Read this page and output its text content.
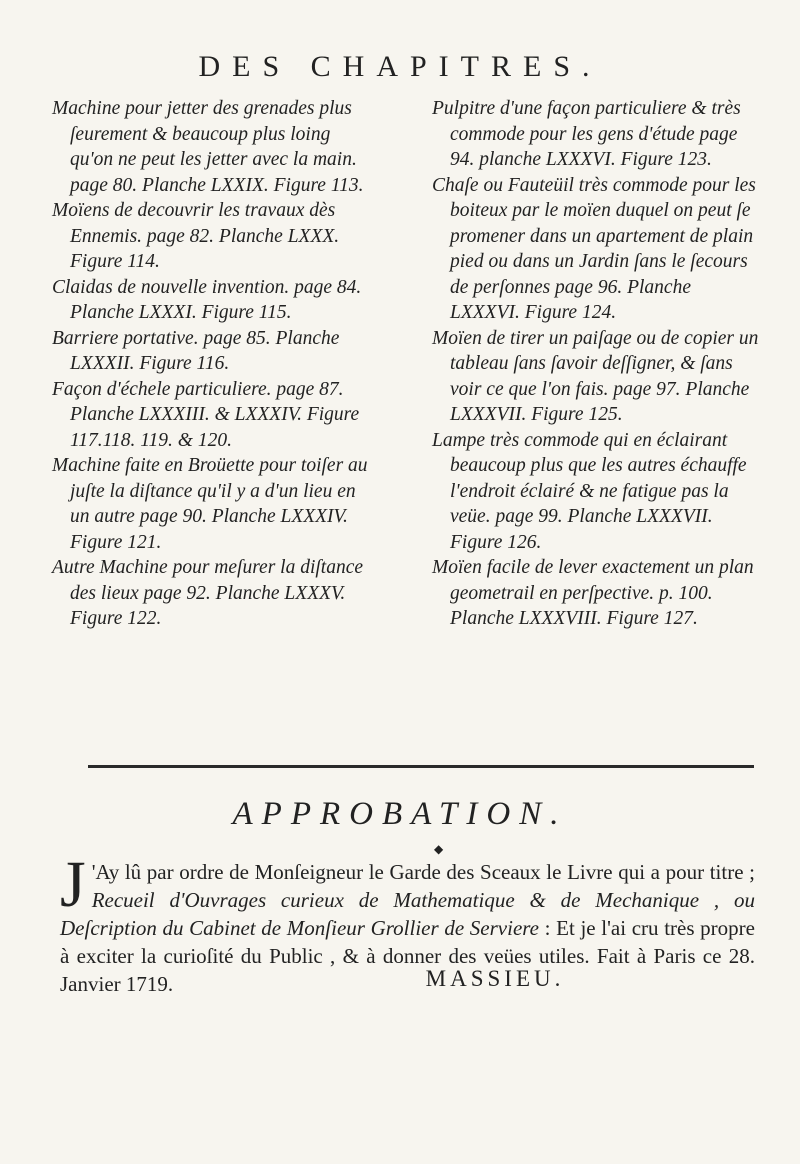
DES CHAPITRES.

Machine pour jetter des grenades plus ſeurement & beaucoup plus loing qu'on ne peut les jetter avec la main. page 80. Planche LXXIX. Figure 113.

Moïens de decouvrir les travaux dès Ennemis. page 82. Planche LXXX. Figure 114.

Claidas de nouvelle invention. page 84. Planche LXXXI. Figure 115.

Barriere portative. page 85. Planche LXXXII. Figure 116.

Façon d'échele particuliere. page 87. Planche LXXXIII. & LXXXIV. Figure 117.118. 119. & 120.

Machine faite en Broüette pour toiſer au juſte la diſtance qu'il y a d'un lieu en un autre page 90. Planche LXXXIV. Figure 121.

Autre Machine pour meſurer la diſtance des lieux page 92. Planche LXXXV. Figure 122.

Pulpitre d'une façon particuliere & très commode pour les gens d'étude page 94. planche LXXXVI. Figure 123.

Chaſe ou Fauteüil très commode pour les boiteux par le moïen duquel on peut ſe promener dans un apartement de plain pied ou dans un Jardin ſans le ſecours de perſonnes page 96. Planche LXXXVI. Figure 124.

Moïen de tirer un paiſage ou de copier un tableau ſans ſavoir deſſigner, & ſans voir ce que l'on fais. page 97. Planche LXXXVII. Figure 125.

Lampe très commode qui en éclairant beaucoup plus que les autres échauffe l'endroit éclairé & ne fatigue pas la veüe. page 99. Planche LXXXVII. Figure 126.

Moïen facile de lever exactement un plan geometrail en perſpective. p. 100. Planche LXXXVIII. Figure 127.

APPROBATION.
◆
J 'Ay lû par ordre de Monſeigneur le Garde des Sceaux le Livre qui a pour titre ; Recueil d'Ouvrages curieux de Mathematique & de Mechanique , ou Deſcription du Cabinet de Monſieur Grollier de Serviere : Et je l'ai cru très propre à exciter la curioſité du Public , & à donner des veües utiles. Fait à Paris ce 28. Janvier 1719.	MASSIEU.
